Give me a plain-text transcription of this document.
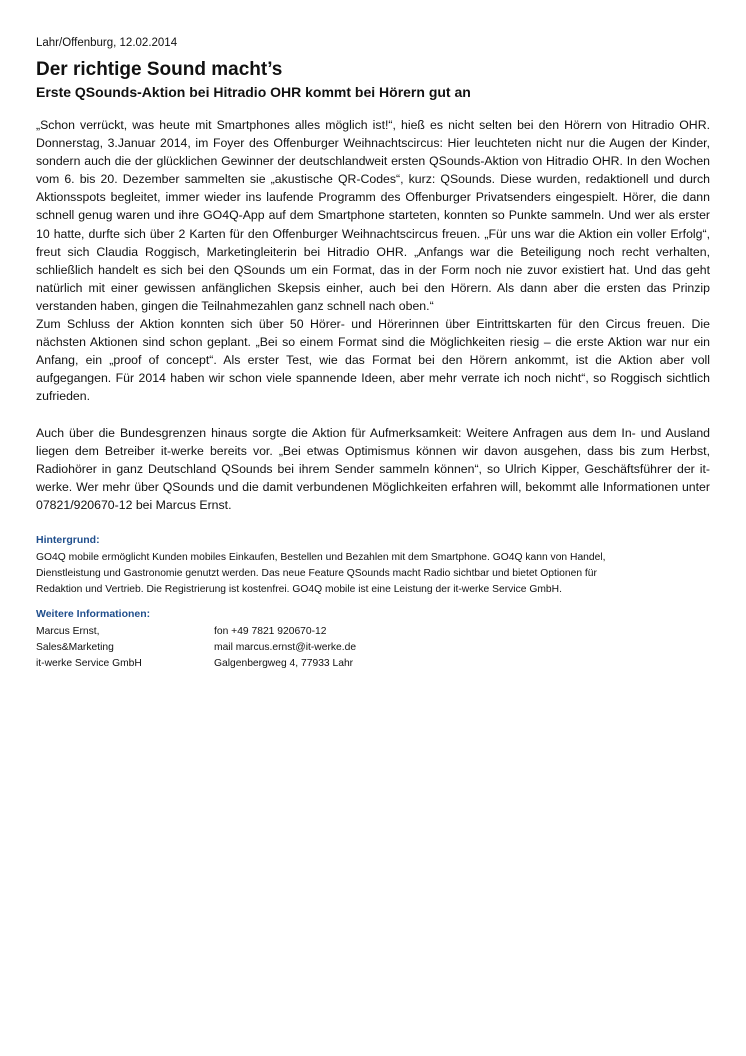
Lahr/Offenburg, 12.02.2014
Der richtige Sound macht’s
Erste QSounds-Aktion bei Hitradio OHR kommt bei Hörern gut an

„Schon verrückt, was heute mit Smartphones alles möglich ist!“, hieß es nicht selten bei den Hörern von Hitradio OHR. Donnerstag, 3.Januar 2014, im Foyer des Offenburger Weihnachtscircus: Hier leuchteten nicht nur die Augen der Kinder, sondern auch die der glücklichen Gewinner der deutschlandweit ersten QSounds-Aktion von Hitradio OHR. In den Wochen vom 6. bis 20. Dezember sammelten sie „akustische QR-Codes“, kurz: QSounds. Diese wurden, redaktionell und durch Aktionsspots begleitet, immer wieder ins laufende Programm des Offenburger Privatsenders eingespielt. Hörer, die dann schnell genug waren und ihre GO4Q-App auf dem Smartphone starteten, konnten so Punkte sammeln. Und wer als erster 10 hatte, durfte sich über 2 Karten für den Offenburger Weihnachtscircus freuen. „Für uns war die Aktion ein voller Erfolg“, freut sich Claudia Roggisch, Marketingleiterin bei Hitradio OHR. „Anfangs war die Beteiligung noch recht verhalten, schließlich handelt es sich bei den QSounds um ein Format, das in der Form noch nie zuvor existiert hat. Und das geht natürlich mit einer gewissen anfänglichen Skepsis einher, auch bei den Hörern. Als dann aber die ersten das Prinzip verstanden haben, gingen die Teilnahmezahlen ganz schnell nach oben.“

Zum Schluss der Aktion konnten sich über 50 Hörer- und Hörerinnen über Eintrittskarten für den Circus freuen. Die nächsten Aktionen sind schon geplant. „Bei so einem Format sind die Möglichkeiten riesig – die erste Aktion war nur ein Anfang, ein „proof of concept“. Als erster Test, wie das Format bei den Hörern ankommt, ist die Aktion aber voll aufgegangen. Für 2014 haben wir schon viele spannende Ideen, aber mehr verrate ich noch nicht“, so Roggisch sichtlich zufrieden.

Auch über die Bundesgrenzen hinaus sorgte die Aktion für Aufmerksamkeit: Weitere Anfragen aus dem In- und Ausland liegen dem Betreiber it-werke bereits vor. „Bei etwas Optimismus können wir davon ausgehen, dass bis zum Herbst, Radiohörer in ganz Deutschland QSounds bei ihrem Sender sammeln können“, so Ulrich Kipper, Geschäftsführer der it-werke. Wer mehr über QSounds und die damit verbundenen Möglichkeiten erfahren will, bekommt alle Informationen unter 07821/920670-12 bei Marcus Ernst.

Hintergrund:

GO4Q mobile ermöglicht Kunden mobiles Einkaufen, Bestellen und Bezahlen mit dem Smartphone. GO4Q kann von Handel,

Dienstleistung und Gastronomie genutzt werden. Das neue Feature QSounds macht Radio sichtbar und bietet Optionen für

Redaktion und Vertrieb. Die Registrierung ist kostenfrei. GO4Q mobile ist eine Leistung der it-werke Service GmbH.

Weitere Informationen:
Marcus Ernst,	fon +49 7821 920670-12
Sales&Marketing	mail marcus.ernst@it-werke.de
it-werke Service GmbH	Galgenbergweg 4, 77933 Lahr
